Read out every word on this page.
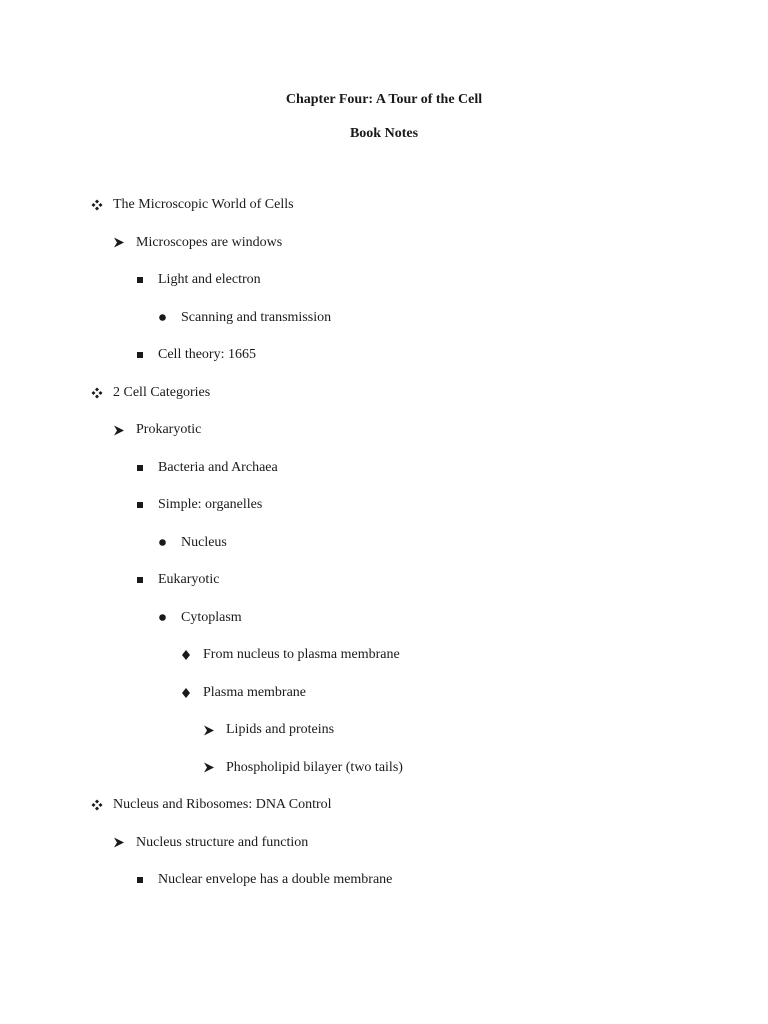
Chapter Four: A Tour of the Cell
Book Notes
The Microscopic World of Cells
Microscopes are windows
Light and electron
Scanning and transmission
Cell theory: 1665
2 Cell Categories
Prokaryotic
Bacteria and Archaea
Simple: organelles
Nucleus
Eukaryotic
Cytoplasm
From nucleus to plasma membrane
Plasma membrane
Lipids and proteins
Phospholipid bilayer (two tails)
Nucleus and Ribosomes: DNA Control
Nucleus structure and function
Nuclear envelope has a double membrane
